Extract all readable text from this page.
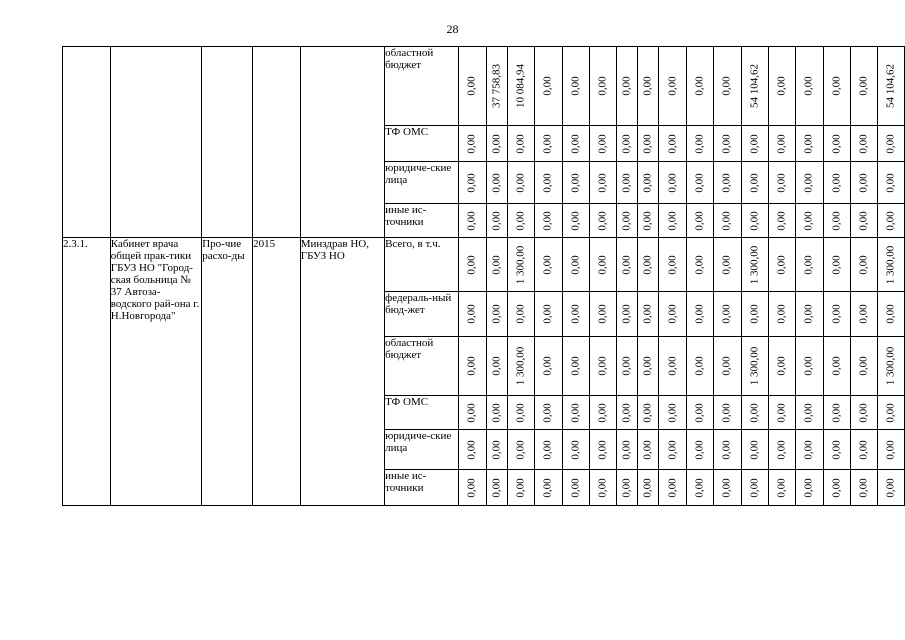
28
					областной бюджет	0,00	37 758,83	10 084,94	0,00	0,00	0,00	0,00	0,00	0,00	0,00	0,00	54 104,62	0,00	0,00	0,00	0,00	54 104,62

					ТФ ОМС	0,00	0,00	0,00	0,00	0,00	0,00	0,00	0,00	0,00	0,00	0,00	0,00	0,00	0,00	0,00	0,00	0,00

					юридиче-ские лица	0,00	0,00	0,00	0,00	0,00	0,00	0,00	0,00	0,00	0,00	0,00	0,00	0,00	0,00	0,00	0,00	0,00

					иные ис-точники	0,00	0,00	0,00	0,00	0,00	0,00	0,00	0,00	0,00	0,00	0,00	0,00	0,00	0,00	0,00	0,00	0,00

2.3.1.	Кабинет врача общей прак-тики ГБУЗ НО "Город-ская больница № 37 Автоза-водского рай-она г. Н.Новгорода"	Про-чие расхо-ды	2015	Минздрав НО, ГБУЗ НО	Всего, в т.ч.	0,00	0,00	1 300,00	0,00	0,00	0,00	0,00	0,00	0,00	0,00	0,00	1 300,00	0,00	0,00	0,00	0,00	1 300,00

					федераль-ный бюд-жет	0,00	0,00	0,00	0,00	0,00	0,00	0,00	0,00	0,00	0,00	0,00	0,00	0,00	0,00	0,00	0,00	0,00

					областной бюджет	0,00	0,00	1 300,00	0,00	0,00	0,00	0,00	0,00	0,00	0,00	0,00	1 300,00	0,00	0,00	0,00	0,00	1 300,00

					ТФ ОМС	0,00	0,00	0,00	0,00	0,00	0,00	0,00	0,00	0,00	0,00	0,00	0,00	0,00	0,00	0,00	0,00	0,00

					юридиче-ские лица	0,00	0,00	0,00	0,00	0,00	0,00	0,00	0,00	0,00	0,00	0,00	0,00	0,00	0,00	0,00	0,00	0,00

					иные ис-точники	0,00	0,00	0,00	0,00	0,00	0,00	0,00	0,00	0,00	0,00	0,00	0,00	0,00	0,00	0,00	0,00	0,00
